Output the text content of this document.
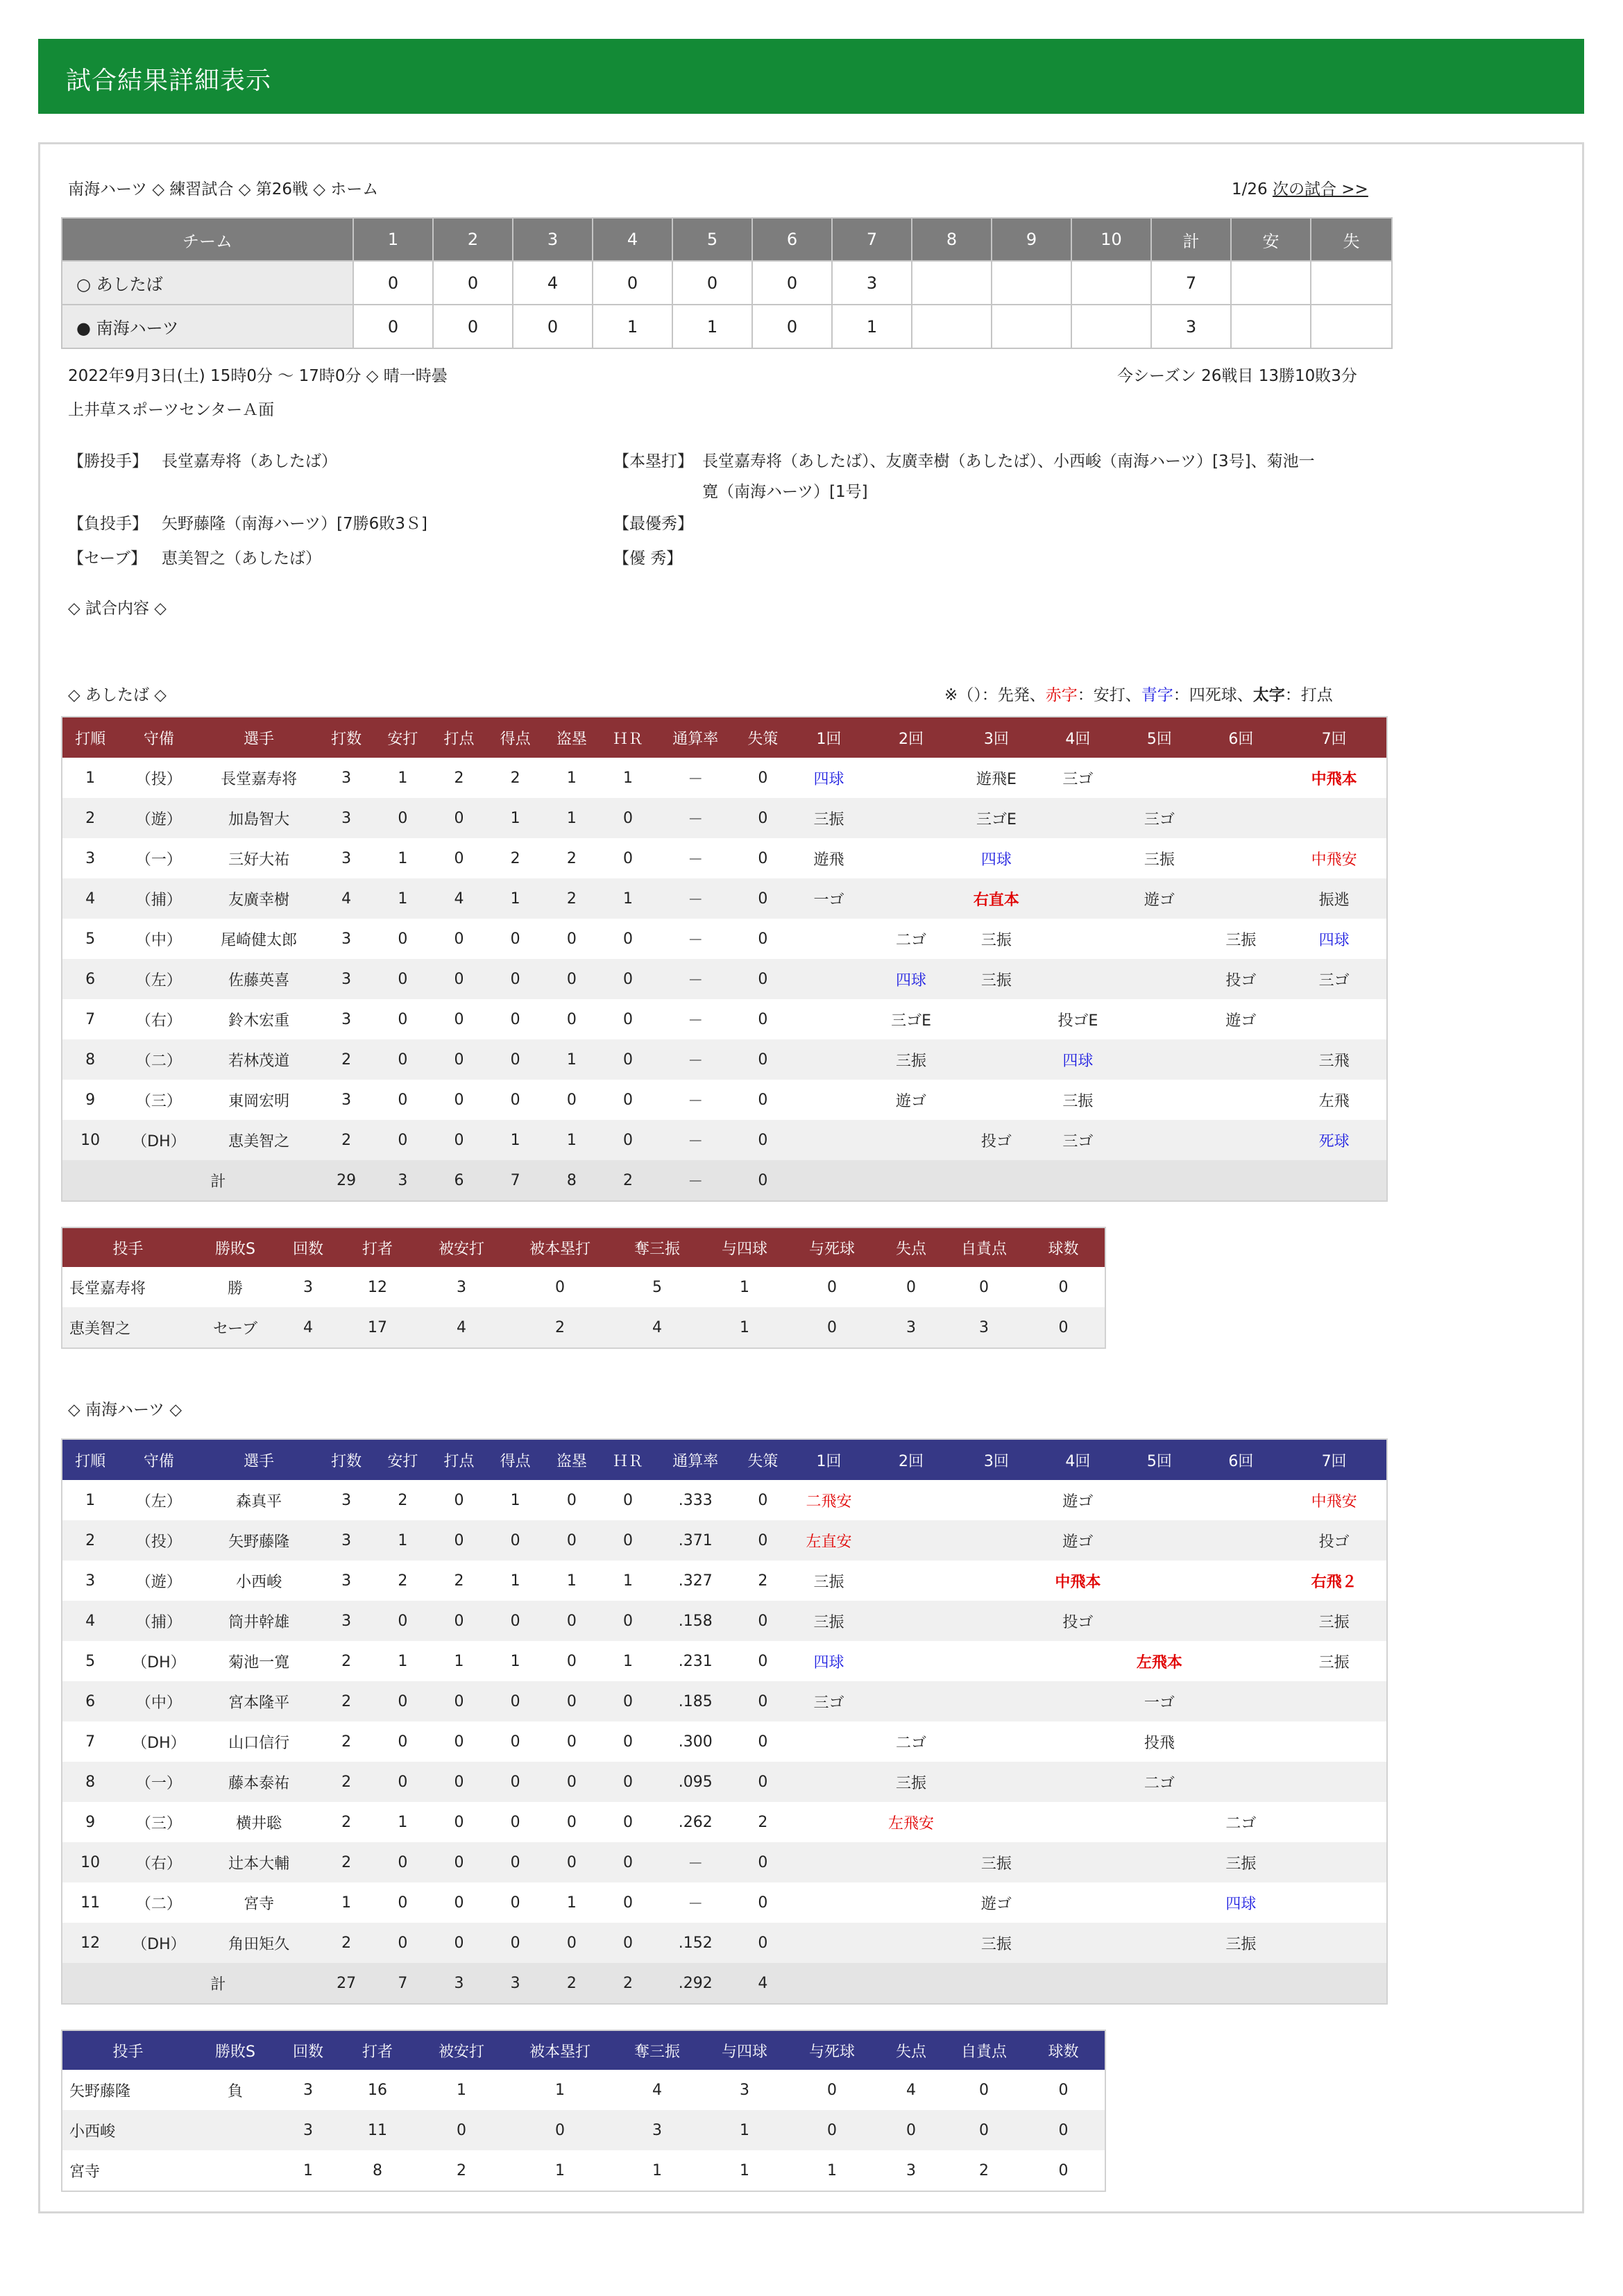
試合結果詳細表示
南海ハーツ ◇ 練習試合 ◇ 第26戦 ◇ ホーム	1/26 次の試合 >>
チーム	1	2	3	4	5	6	7	8	9	10	計	安	失
○ あしたば	0	0	4	0	0	0	3				7		
● 南海ハーツ	0	0	0	1	1	0	1				3		
2022年9月3日(土) 15時0分 ～ 17時0分 ◇ 晴一時曇	今シーズン 26戦目 13勝10敗3分
上井草スポーツセンターＡ面
【勝投手】 長堂嘉寿将（あしたば）	【本塁打】 長堂嘉寿将（あしたば）、友廣幸樹（あしたば）、小西峻（南海ハーツ）[3号]、菊池一
寛（南海ハーツ）[1号]
【負投手】 矢野藤隆（南海ハーツ）[7勝6敗3Ｓ]	【最優秀】
【セーブ】 恵美智之（あしたば）	【優 秀】
◇ 試合内容 ◇
◇ あしたば ◇	※（）：先発、赤字：安打、青字：四死球、太字：打点
打順	守備	選手	打数	安打	打点	得点	盗塁	ＨＲ	通算率	失策	1回	2回	3回	4回	5回	6回	7回
1	（投）	長堂嘉寿将	3	1	2	2	1	1	－	0	四球		遊飛E	三ゴ			中飛本
2	（遊）	加島智大	3	0	0	1	1	0	－	0	三振		三ゴE		三ゴ		
3	（一）	三好大祐	3	1	0	2	2	0	－	0	遊飛		四球		三振		中飛安
4	（捕）	友廣幸樹	4	1	4	1	2	1	－	0	一ゴ		右直本		遊ゴ		振逃
5	（中）	尾崎健太郎	3	0	0	0	0	0	－	0		二ゴ	三振			三振	四球
6	（左）	佐藤英喜	3	0	0	0	0	0	－	0		四球	三振			投ゴ	三ゴ
7	（右）	鈴木宏重	3	0	0	0	0	0	－	0		三ゴE		投ゴE		遊ゴ	
8	（二）	若林茂道	2	0	0	0	1	0	－	0		三振		四球			三飛
9	（三）	東岡宏明	3	0	0	0	0	0	－	0		遊ゴ		三振			左飛
10	（DH）	恵美智之	2	0	0	1	1	0	－	0			投ゴ	三ゴ			死球
	計		29	3	6	7	8	2	－	0							
投手	勝敗S	回数	打者	被安打	被本塁打	奪三振	与四球	与死球	失点	自責点	球数
長堂嘉寿将	勝	3	12	3	0	5	1	0	0	0	0
恵美智之	セーブ	4	17	4	2	4	1	0	3	3	0
◇ 南海ハーツ ◇
打順	守備	選手	打数	安打	打点	得点	盗塁	ＨＲ	通算率	失策	1回	2回	3回	4回	5回	6回	7回
1	（左）	森真平	3	2	0	1	0	0	.333	0	二飛安			遊ゴ			中飛安
2	（投）	矢野藤隆	3	1	0	0	0	0	.371	0	左直安			遊ゴ			投ゴ
3	（遊）	小西峻	3	2	2	1	1	1	.327	2	三振			中飛本			右飛２
4	（捕）	筒井幹雄	3	0	0	0	0	0	.158	0	三振			投ゴ			三振
5	（DH）	菊池一寛	2	1	1	1	0	1	.231	0	四球				左飛本		三振
6	（中）	宮本隆平	2	0	0	0	0	0	.185	0	三ゴ				一ゴ		
7	（DH）	山口信行	2	0	0	0	0	0	.300	0		二ゴ			投飛		
8	（一）	藤本泰祐	2	0	0	0	0	0	.095	0		三振			二ゴ		
9	（三）	横井聡	2	1	0	0	0	0	.262	2		左飛安				二ゴ	
10	（右）	辻本大輔	2	0	0	0	0	0	－	0			三振			三振	
11	（二）	宮寺	1	0	0	0	1	0	－	0			遊ゴ			四球	
12	（DH）	角田矩久	2	0	0	0	0	0	.152	0			三振			三振	
	計		27	7	3	3	2	2	.292	4							
投手	勝敗S	回数	打者	被安打	被本塁打	奪三振	与四球	与死球	失点	自責点	球数
矢野藤隆	負	3	16	1	1	4	3	0	4	0	0
小西峻		3	11	0	0	3	1	0	0	0	0
宮寺		1	8	2	1	1	1	1	3	2	0
